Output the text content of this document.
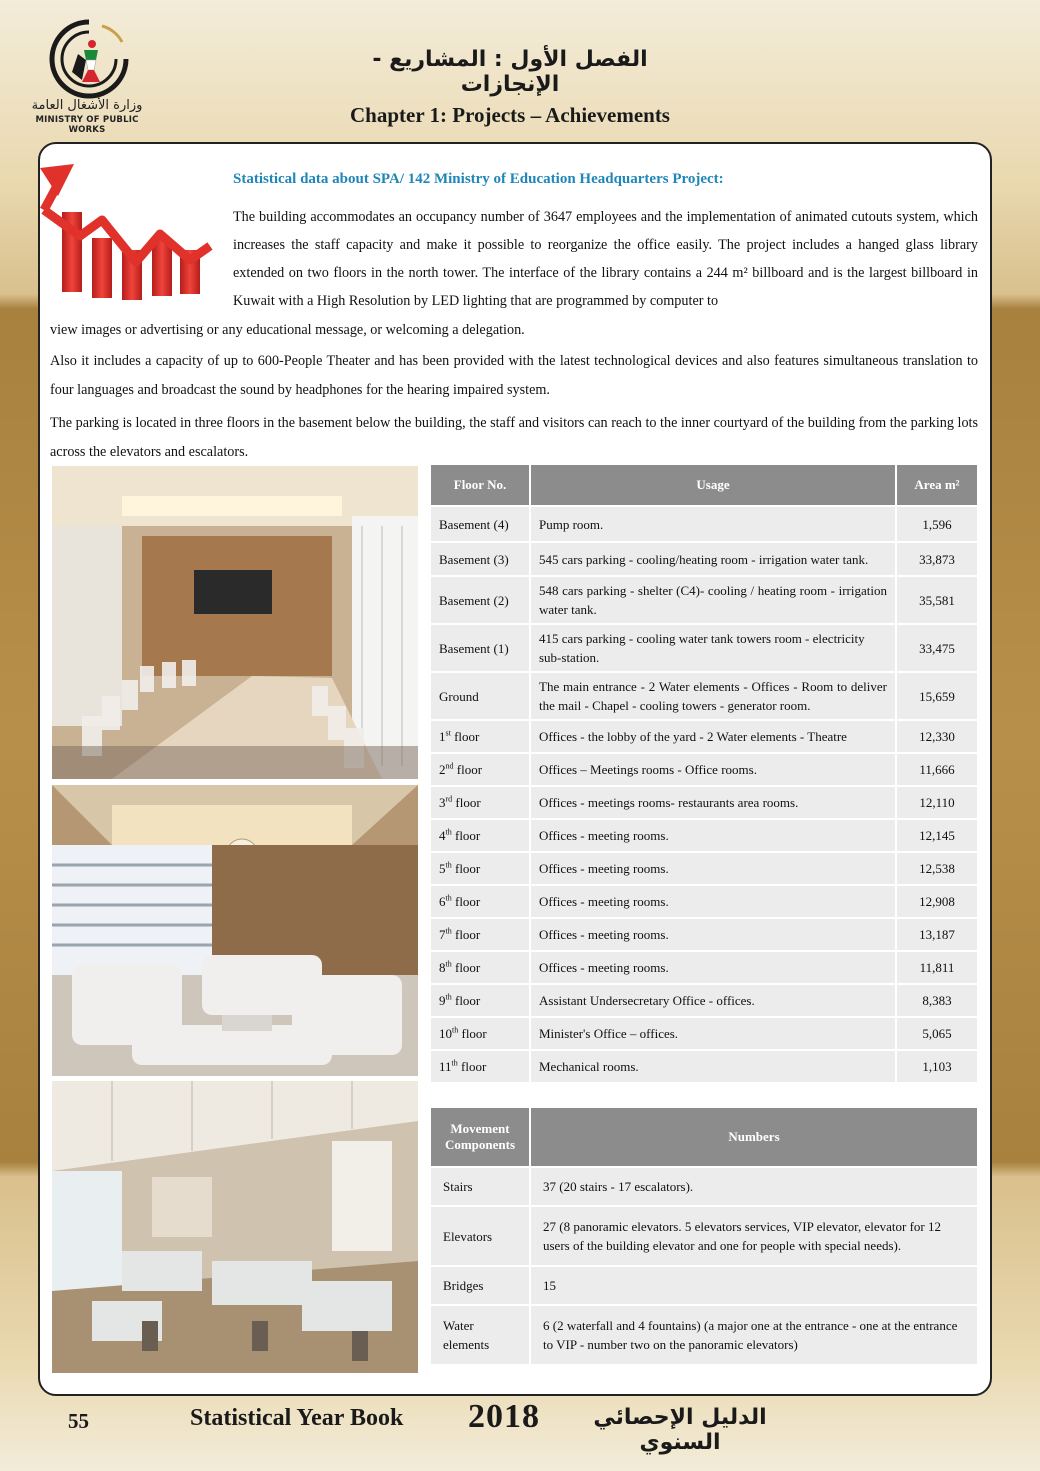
وزارة الأشغال العامة
MINISTRY OF PUBLIC WORKS
الفصل الأول : المشاريع - الإنجازات
Chapter 1: Projects – Achievements
Statistical data about SPA/ 142 Ministry of Education Headquarters Project:

The building accommodates an occupancy number of 3647 employees and the implementation of animated cutouts system, which increases the staff capacity and make it possible to reorganize the office easily. The project includes a hanged glass library extended on two floors in the north tower. The interface of the library contains a 244 m² billboard and is the largest billboard in Kuwait with a High Resolution by LED lighting that are programmed by computer to

view images or advertising or any educational message, or welcoming a delegation.

Also it includes a capacity of up to 600-People Theater and has been provided with the latest technological devices and also features simultaneous translation to four languages and broadcast the sound by headphones for the hearing impaired system.

The parking is located in three floors in the basement below the building, the staff and visitors can reach to the inner courtyard of the building from the parking lots across the elevators and escalators.

Floor No.	Usage	Area m²
Basement (4)	Pump room.	1,596
Basement (3)	545 cars parking - cooling/heating room - irrigation water tank.	33,873
Basement (2)	548 cars parking - shelter (C4)- cooling / heating room - irrigation water tank.	35,581
Basement (1)	415 cars parking - cooling water tank towers room - electricity sub-station.	33,475
Ground	The main entrance - 2 Water elements - Offices - Room to deliver the mail - Chapel - cooling towers - generator room.	15,659
1st floor	Offices - the lobby of the yard - 2 Water elements - Theatre	12,330
2nd floor	Offices – Meetings rooms - Office rooms.	11,666
3rd floor	Offices - meetings rooms- restaurants area rooms.	12,110
4th floor	Offices - meeting rooms.	12,145
5th floor	Offices - meeting rooms.	12,538
6th floor	Offices - meeting rooms.	12,908
7th floor	Offices - meeting rooms.	13,187
8th floor	Offices - meeting rooms.	11,811
9th floor	Assistant Undersecretary Office - offices.	8,383
10th floor	Minister's Office – offices.	5,065
11th floor	Mechanical rooms.	1,103
Movement Components	Numbers
Stairs	37 (20 stairs - 17 escalators).
Elevators	27 (8 panoramic elevators. 5 elevators services, VIP elevator, elevator for 12 users of the building elevator and one for people with special needs).
Bridges	15
Water elements	6 (2 waterfall and 4 fountains) (a major one at the entrance - one at the entrance to VIP - number two on the panoramic elevators)
55	Statistical Year Book 2018	الدليل الإحصائي السنوي
